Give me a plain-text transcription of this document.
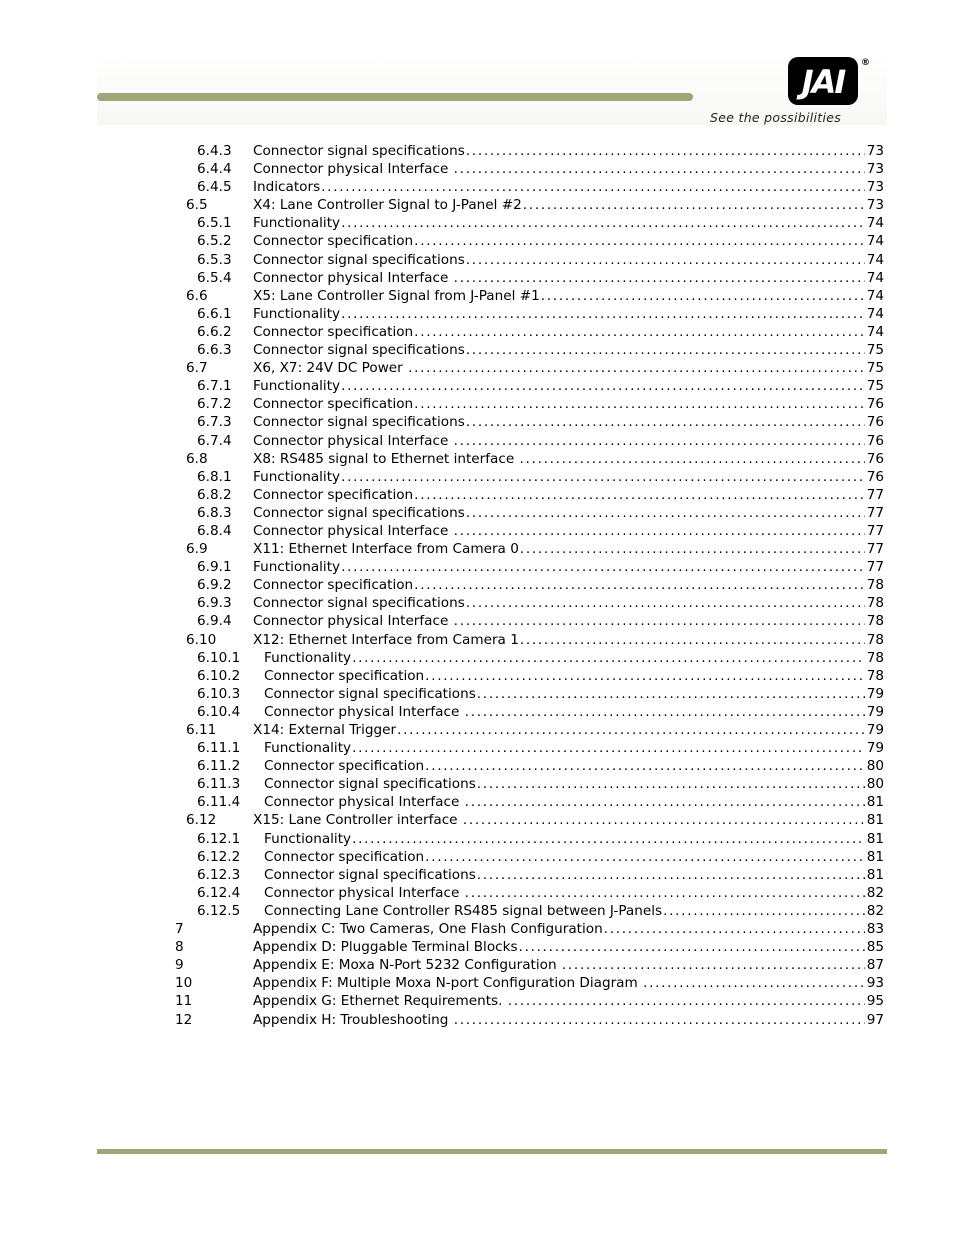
JAI ®
See the possibilities
6.4.3 Connector signal specifications .....	73
6.4.4 Connector physical Interface .....	73
6.4.5 Indicators .....	73
6.5	X4: Lane Controller Signal to J-Panel #2 .....	73
6.5.1 Functionality .....	74
6.5.2 Connector specification .....	74
6.5.3 Connector signal specifications .....	74
6.5.4 Connector physical Interface .....	74
6.6	X5: Lane Controller Signal from J-Panel #1 .....	74
6.6.1 Functionality .....	74
6.6.2 Connector specification .....	74
6.6.3 Connector signal specifications .....	75
6.7	X6, X7: 24V DC Power .....	75
6.7.1 Functionality .....	75
6.7.2 Connector specification .....	76
6.7.3 Connector signal specifications .....	76
6.7.4 Connector physical Interface .....	76
6.8	X8: RS485 signal to Ethernet interface .....	76
6.8.1 Functionality .....	76
6.8.2 Connector specification .....	77
6.8.3 Connector signal specifications .....	77
6.8.4 Connector physical Interface .....	77
6.9	X11: Ethernet Interface from Camera 0 .....	77
6.9.1 Functionality .....	77
6.9.2 Connector specification .....	78
6.9.3 Connector signal specifications .....	78
6.9.4 Connector physical Interface .....	78
6.10	X12: Ethernet Interface from Camera 1 .....	78
6.10.1 Functionality .....	78
6.10.2 Connector specification .....	78
6.10.3 Connector signal specifications .....	79
6.10.4 Connector physical Interface .....	79
6.11	X14: External Trigger .....	79
6.11.1 Functionality .....	79
6.11.2 Connector specification .....	80
6.11.3 Connector signal specifications .....	80
6.11.4 Connector physical Interface .....	81
6.12	X15: Lane Controller interface .....	81
6.12.1 Functionality .....	81
6.12.2 Connector specification .....	81
6.12.3 Connector signal specifications .....	81
6.12.4 Connector physical Interface .....	82
6.12.5 Connecting Lane Controller RS485 signal between J-Panels .....	82
7	Appendix C: Two Cameras, One Flash Configuration .....	83
8	Appendix D: Pluggable Terminal Blocks .....	85
9	Appendix E: Moxa N-Port 5232 Configuration .....	87
10	Appendix F: Multiple Moxa N-port Configuration Diagram .....	93
11	Appendix G: Ethernet Requirements. .....	95
12	Appendix H: Troubleshooting .....	97
